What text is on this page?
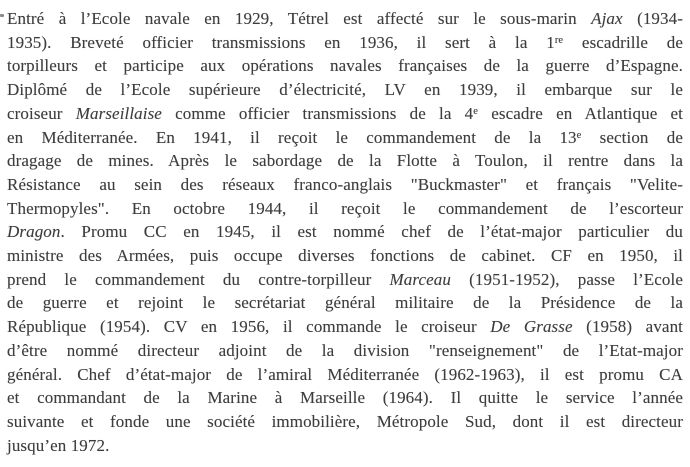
Entré à l’Ecole navale en 1929, Tétrel est affecté sur le sous-marin Ajax (1934-
1935). Breveté officier transmissions en 1936, il sert à la 1re escadrille de
torpilleurs et participe aux opérations navales françaises de la guerre d’Espagne.
Diplômé de l’Ecole supérieure d’électricité, LV en 1939, il embarque sur le
croiseur Marseillaise comme officier transmissions de la 4e escadre en Atlantique et
en Méditerranée. En 1941, il reçoit le commandement de la 13e section de
dragage de mines. Après le sabordage de la Flotte à Toulon, il rentre dans la
Résistance au sein des réseaux franco-anglais "Buckmaster" et français "Velite-
Thermopyles". En octobre 1944, il reçoit le commandement de l’escorteur
Dragon. Promu CC en 1945, il est nommé chef de l’état-major particulier du
ministre des Armées, puis occupe diverses fonctions de cabinet. CF en 1950, il
prend le commandement du contre-torpilleur Marceau (1951-1952), passe l’Ecole
de guerre et rejoint le secrétariat général militaire de la Présidence de la
République (1954). CV en 1956, il commande le croiseur De Grasse (1958) avant
d’être nommé directeur adjoint de la division "renseignement" de l’Etat-major
général. Chef d’état-major de l’amiral Méditerranée (1962-1963), il est promu CA
et commandant de la Marine à Marseille (1964). Il quitte le service l’année
suivante et fonde une société immobilière, Métropole Sud, dont il est directeur
jusqu’en 1972.
